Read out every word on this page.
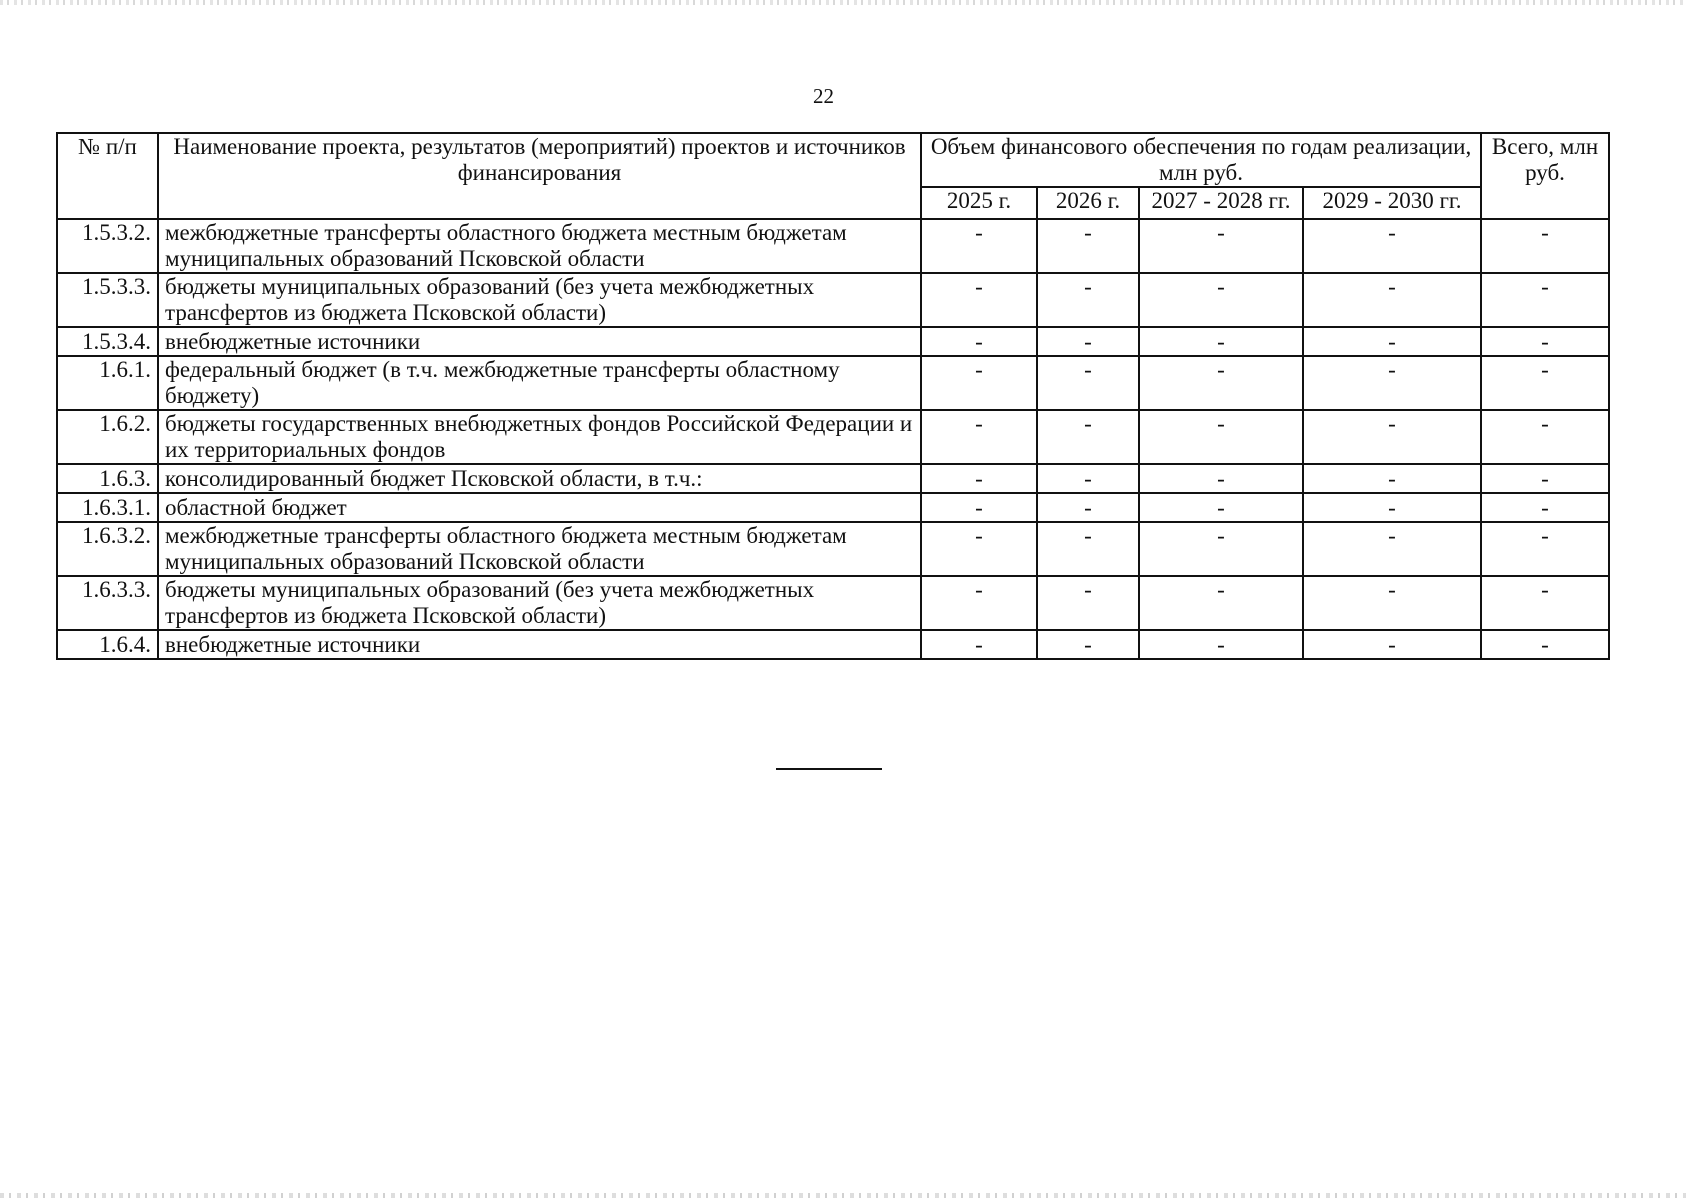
22
№ п/п	Наименование проекта, результатов (мероприятий) проектов и источников финансирования	Объем финансового обеспечения по годам реализации, млн руб.				Всего, млн руб.
		2025 г.	2026 г.	2027 - 2028 гг.	2029 - 2030 гг.	
1.5.3.2.	межбюджетные трансферты областного бюджета местным бюджетам муниципальных образований Псковской области	-	-	-	-	-
1.5.3.3.	бюджеты муниципальных образований (без учета межбюджетных трансфертов из бюджета Псковской области)	-	-	-	-	-
1.5.3.4.	внебюджетные источники	-	-	-	-	-
1.6.1.	федеральный бюджет (в т.ч. межбюджетные трансферты областному бюджету)	-	-	-	-	-
1.6.2.	бюджеты государственных внебюджетных фондов Российской Федерации и их территориальных фондов	-	-	-	-	-
1.6.3.	консолидированный бюджет Псковской области, в т.ч.:	-	-	-	-	-
1.6.3.1.	областной бюджет	-	-	-	-	-
1.6.3.2.	межбюджетные трансферты областного бюджета местным бюджетам муниципальных образований Псковской области	-	-	-	-	-
1.6.3.3.	бюджеты муниципальных образований (без учета межбюджетных трансфертов из бюджета Псковской области)	-	-	-	-	-
1.6.4.	внебюджетные источники	-	-	-	-	-
